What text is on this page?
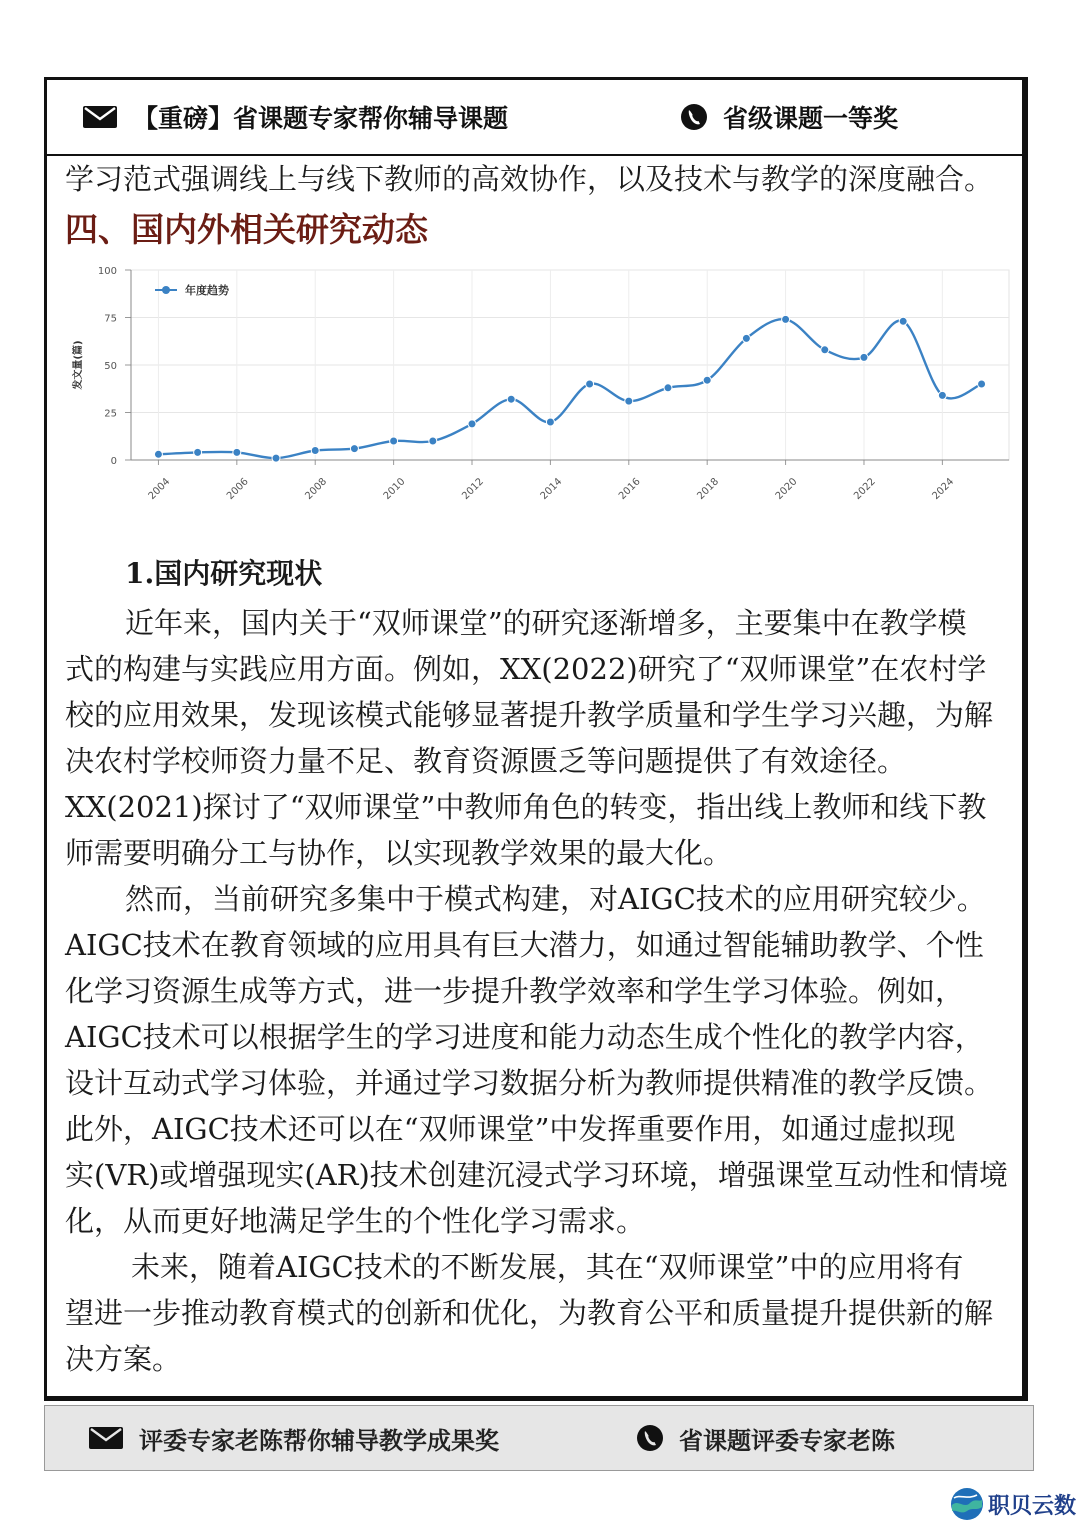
【重磅】省课题专家帮你辅导课题	省级课题一等奖

学习范式强调线上与线下教师的高效协作，以及技术与教学的深度融合。

四、国内外相关研究动态

0
25
50
75
100
2004	2006	2008	2010	2012	2014	2016	2018	2020	2022	2024
发文量(篇)
年度趋势

1.国内研究现状

近年来，国内关于“双师课堂”的研究逐渐增多，主要集中在教学模

式的构建与实践应用方面。例如，XX(2022)研究了“双师课堂”在农村学

校的应用效果，发现该模式能够显著提升教学质量和学生学习兴趣，为解

决农村学校师资力量不足、教育资源匮乏等问题提供了有效途径。

XX(2021)探讨了“双师课堂”中教师角色的转变，指出线上教师和线下教

师需要明确分工与协作，以实现教学效果的最大化。

然而，当前研究多集中于模式构建，对AIGC技术的应用研究较少。

AIGC技术在教育领域的应用具有巨大潜力，如通过智能辅助教学、个性

化学习资源生成等方式，进一步提升教学效率和学生学习体验。例如，

AIGC技术可以根据学生的学习进度和能力动态生成个性化的教学内容，

设计互动式学习体验，并通过学习数据分析为教师提供精准的教学反馈。

此外，AIGC技术还可以在“双师课堂”中发挥重要作用，如通过虚拟现

实(VR)或增强现实(AR)技术创建沉浸式学习环境，增强课堂互动性和情境

化，从而更好地满足学生的个性化学习需求。

未来，随着AIGC技术的不断发展，其在“双师课堂”中的应用将有

望进一步推动教育模式的创新和优化，为教育公平和质量提升提供新的解

决方案。

评委专家老陈帮你辅导教学成果奖	省课题评委专家老陈
职贝云数
